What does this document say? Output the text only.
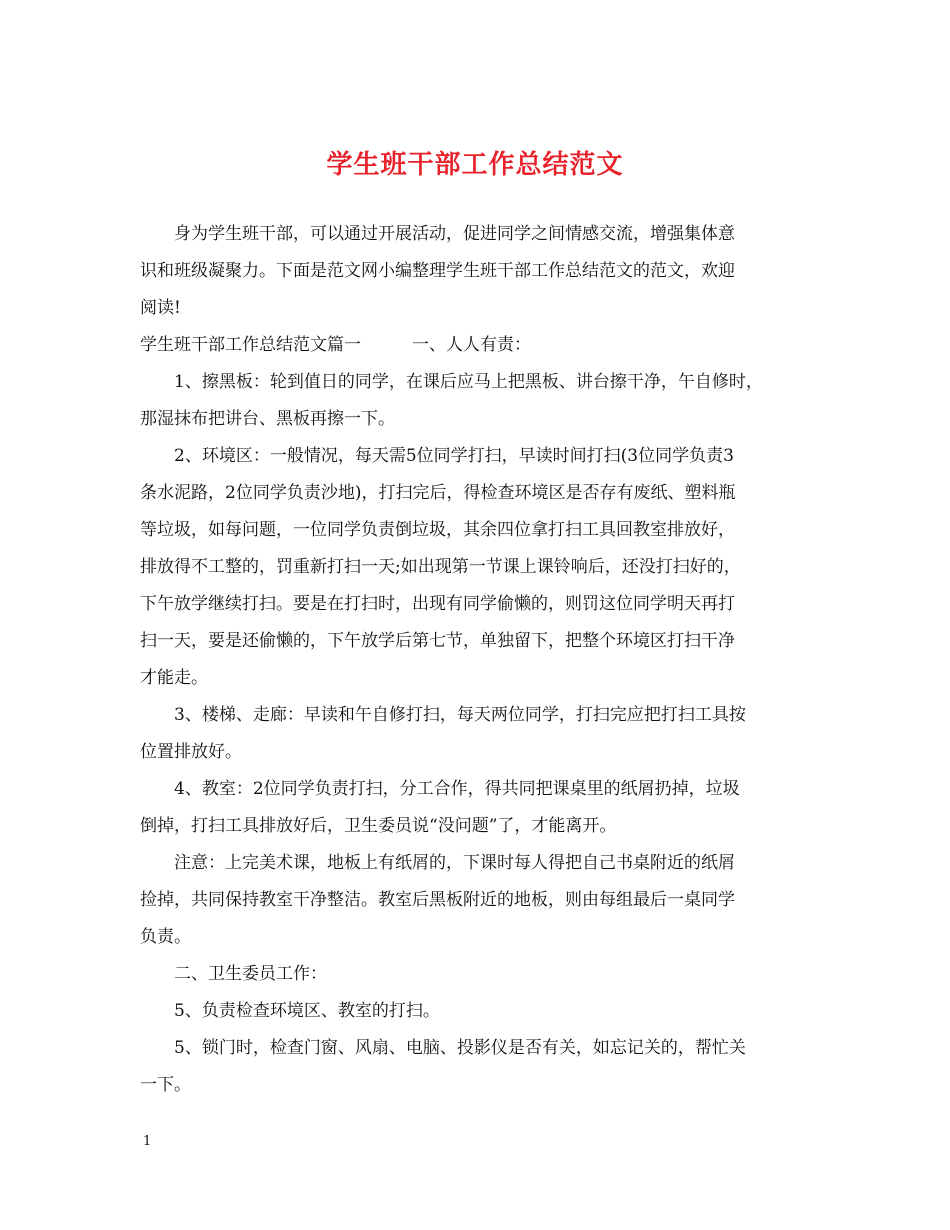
学生班干部工作总结范文

身为学生班干部，可以通过开展活动，促进同学之间情感交流，增强集体意

识和班级凝聚力。下面是范文网小编整理学生班干部工作总结范文的范文，欢迎
阅读!

学生班干部工作总结范文篇一　　　一、人人有责：

1、擦黑板：轮到值日的同学，在课后应马上把黑板、讲台擦干净，午自修时，

那湿抹布把讲台、黑板再擦一下。

2、环境区：一般情况，每天需5位同学打扫，早读时间打扫(3位同学负责3

条水泥路，2位同学负责沙地)，打扫完后，得检查环境区是否存有废纸、塑料瓶
等垃圾，如每问题，一位同学负责倒垃圾，其余四位拿打扫工具回教室排放好，
排放得不工整的，罚重新打扫一天;如出现第一节课上课铃响后，还没打扫好的，
下午放学继续打扫。要是在打扫时，出现有同学偷懒的，则罚这位同学明天再打
扫一天，要是还偷懒的，下午放学后第七节，单独留下，把整个环境区打扫干净
才能走。

3、楼梯、走廊：早读和午自修打扫，每天两位同学，打扫完应把打扫工具按

位置排放好。

4、教室：2位同学负责打扫，分工合作，得共同把课桌里的纸屑扔掉，垃圾

倒掉，打扫工具排放好后，卫生委员说“没问题”了，才能离开。

注意：上完美术课，地板上有纸屑的，下课时每人得把自己书桌附近的纸屑

捡掉，共同保持教室干净整洁。教室后黑板附近的地板，则由每组最后一桌同学
负责。

二、卫生委员工作：

5、负责检查环境区、教室的打扫。

5、锁门时，检查门窗、风扇、电脑、投影仪是否有关，如忘记关的，帮忙关

一下。

1
